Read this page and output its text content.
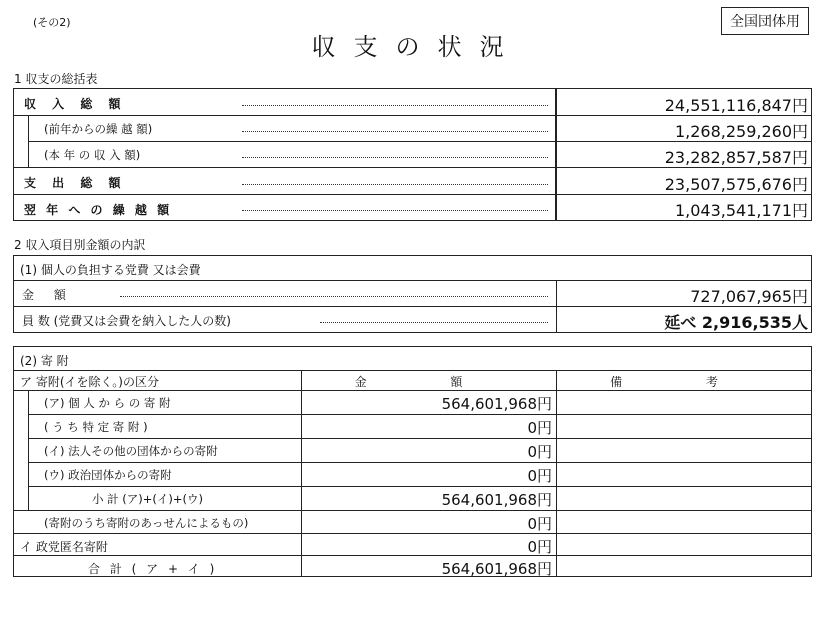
(その2)
収支の状況
全国団体用
1 収支の総括表
収 入 総 額	24,551,116,847円
(前年からの繰 越 額)	1,268,259,260円
(本 年 の 収 入 額)	23,282,857,587円
支 出 総 額	23,507,575,676円
翌 年 へ の 繰 越 額	1,043,541,171円
2 収入項目別金額の内訳
(1) 個人の負担する党費 又は会費
金 額	727,067,965円
員 数 (党費又は会費を納入した人の数)	延べ 2,916,535人
(2) 寄 附
ア 寄附(イを除く。)の区分	金 額	備 考
(ア) 個 人 か ら の 寄 附	564,601,968円
( う ち 特 定 寄 附 )	0円
(イ) 法人その他の団体からの寄附	0円
(ウ) 政治団体からの寄附	0円
小 計 (ア)+(イ)+(ウ)	564,601,968円
(寄附のうち寄附のあっせんによるもの)	0円
イ 政党匿名寄附	0円
合 計 ( ア + イ )	564,601,968円
